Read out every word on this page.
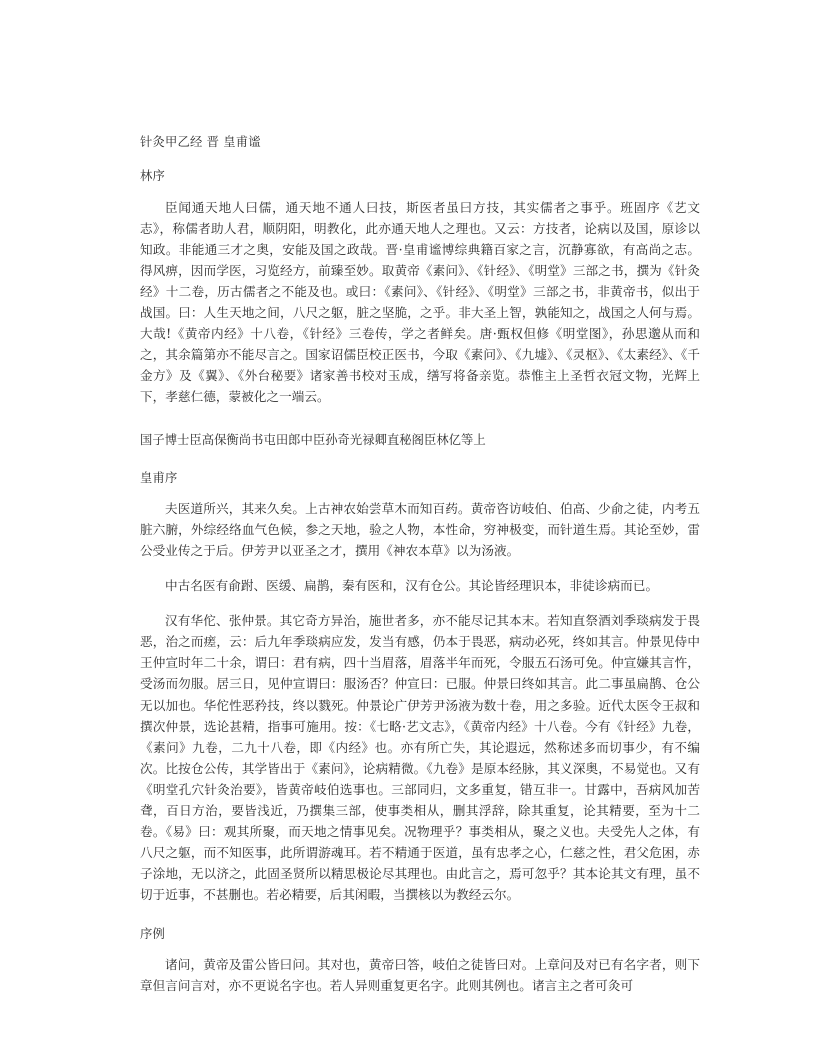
针灸甲乙经 晋 皇甫谧

林序

臣闻通天地人曰儒，通天地不通人曰技，斯医者虽曰方技，其实儒者之事乎。班固序《艺文志》，称儒者助人君，顺阴阳，明教化，此亦通天地人之理也。又云：方技者，论病以及国，原诊以知政。非能通三才之奥，安能及国之政哉。晋·皇甫谧博综典籍百家之言，沉静寡欲，有高尚之志。得风痹，因而学医，习览经方，前臻至妙。取黄帝《素问》、《针经》、《明堂》三部之书，撰为《针灸经》十二卷，历古儒者之不能及也。或曰：《素问》、《针经》、《明堂》三部之书，非黄帝书，似出于战国。曰：人生天地之间，八尺之躯，脏之坚脆，之乎。非大圣上智，孰能知之，战国之人何与焉。大哉!《黄帝内经》十八卷，《针经》三卷传，学之者鲜矣。唐·甄权但修《明堂图》，孙思邈从而和之，其余篇第亦不能尽言之。国家诏儒臣校正医书，今取《素问》、《九墟》、《灵枢》、《太素经》、《千金方》及《翼》、《外台秘要》诸家善书校对玉成，缮写将备亲览。恭惟主上圣哲衣冠文物，光辉上下，孝慈仁德，蒙被化之一端云。

国子博士臣高保衡尚书屯田郎中臣孙奇光禄卿直秘阁臣林亿等上

皇甫序

夫医道所兴，其来久矣。上古神农始尝草木而知百药。黄帝咨访岐伯、伯高、少俞之徒，内考五脏六腑，外综经络血气色候，参之天地，验之人物，本性命，穷神极变，而针道生焉。其论至妙，雷公受业传之于后。伊芳尹以亚圣之才，撰用《神农本草》以为汤液。

中古名医有俞跗、医缓、扁鹊，秦有医和，汉有仓公。其论皆经理识本，非徒诊病而已。

汉有华佗、张仲景。其它奇方异治，施世者多，亦不能尽记其本末。若知直祭酒刘季琰病发于畏恶，治之而瘥，云：后九年季琰病应发，发当有感，仍本于畏恶，病动必死，终如其言。仲景见侍中王仲宣时年二十余，谓曰：君有病，四十当眉落，眉落半年而死，令服五石汤可免。仲宣嫌其言忤，受汤而勿服。居三日，见仲宣谓曰：服汤否？仲宣曰：已服。仲景曰终如其言。此二事虽扁鹊、仓公无以加也。华佗性恶矜技，终以戮死。仲景论广伊芳尹汤液为数十卷，用之多验。近代太医令王叔和撰次仲景，选论甚精，指事可施用。按：《七略·艺文志》，《黄帝内经》十八卷。今有《针经》九卷，《素问》九卷，二九十八卷，即《内经》也。亦有所亡失，其论遐远，然称述多而切事少，有不编次。比按仓公传，其学皆出于《素问》，论病精微。《九卷》是原本经脉，其义深奥，不易觉也。又有《明堂孔穴针灸治要》，皆黄帝岐伯选事也。三部同归，文多重复，错互非一。甘露中，吾病风加苦聋，百日方治，要皆浅近，乃撰集三部，使事类相从，删其浮辞，除其重复，论其精要，至为十二卷。《易》曰：观其所聚，而天地之情事见矣。况物理乎？事类相从，聚之义也。夫受先人之体，有八尺之躯，而不知医事，此所谓游魂耳。若不精通于医道，虽有忠孝之心，仁慈之性，君父危困，赤子涂地，无以济之，此固圣贤所以精思极论尽其理也。由此言之，焉可忽乎？其本论其文有理，虽不切于近事，不甚删也。若必精要，后其闲暇，当撰核以为教经云尔。

序例

诸问，黄帝及雷公皆曰问。其对也，黄帝曰答，岐伯之徒皆曰对。上章问及对已有名字者，则下章但言问言对，亦不更说名字也。若人异则重复更名字。此则其例也。诸言主之者可灸可
